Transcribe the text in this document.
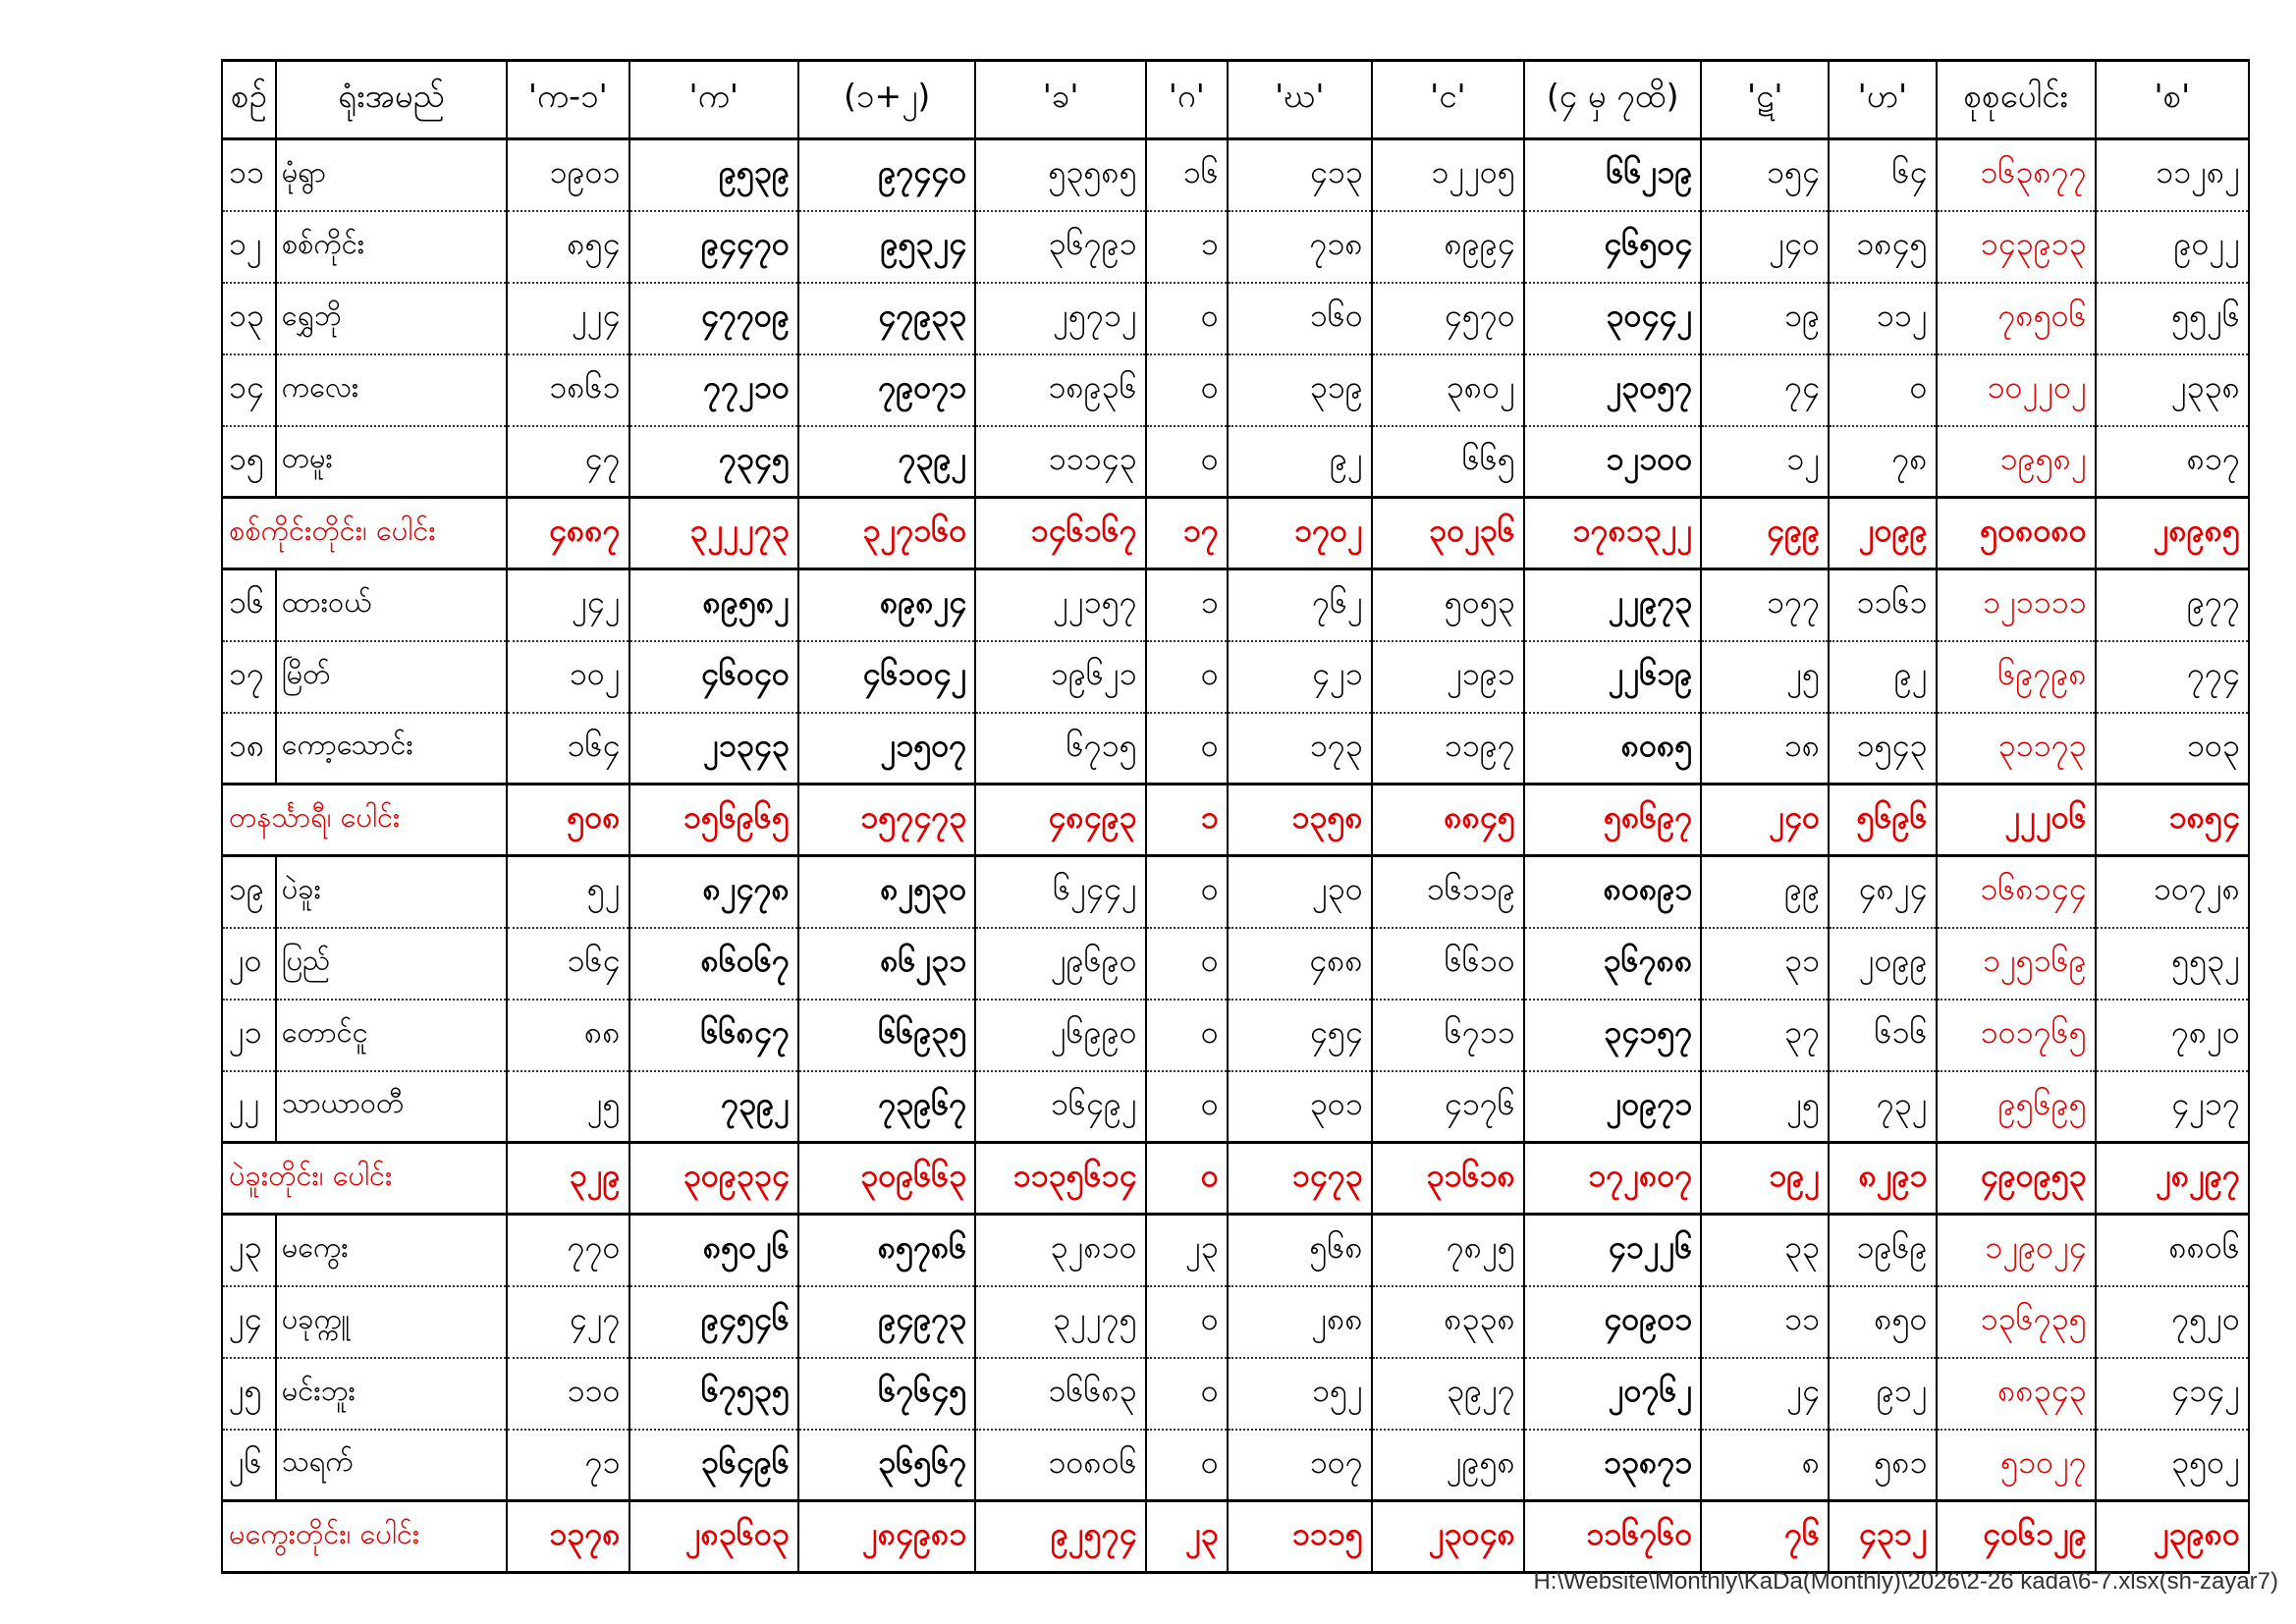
စဉ်	ရုံးအမည်	'က-၁'	'က'	(၁+၂)	'ခ'	'ဂ'	'ဃ'	'င'	(၄ မှ ၇ထိ)	'ဋ'	'ဟ'	စုစုပေါင်း	'စ'
၁၁	မုံရွာ	၁၉၀၁	၉၅၃၉	၉၇၄၄၀	၅၃၅၈၅	၁၆	၄၁၃	၁၂၂၀၅	၆၆၂၁၉	၁၅၄	၆၄	၁၆၃၈၇၇	၁၁၂၈၂
၁၂	စစ်ကိုင်း	၈၅၄	၉၄၄၇၀	၉၅၃၂၄	၃၆၇၉၁	၁	၇၁၈	၈၉၉၄	၄၆၅၀၄	၂၄၀	၁၈၄၅	၁၄၃၉၁၃	၉၀၂၂
၁၃	ရွှေဘို	၂၂၄	၄၇၇၀၉	၄၇၉၃၃	၂၅၇၁၂	၀	၁၆၀	၄၅၇၀	၃၀၄၄၂	၁၉	၁၁၂	၇၈၅၀၆	၅၅၂၆
၁၄	ကလေး	၁၈၆၁	၇၇၂၁၀	၇၉၀၇၁	၁၈၉၃၆	၀	၃၁၉	၃၈၀၂	၂၃၀၅၇	၇၄	၀	၁၀၂၂၀၂	၂၃၃၈
၁၅	တမူး	၄၇	၇၃၄၅	၇၃၉၂	၁၁၁၄၃	၀	၉၂	၆၆၅	၁၂၁၀၀	၁၂	၇၈	၁၉၅၈၂	၈၁၇
စစ်ကိုင်းတိုင်း၊ ပေါင်း		၄၈၈၇	၃၂၂၂၇၃	၃၂၇၁၆၀	၁၄၆၁၆၇	၁၇	၁၇၀၂	၃၀၂၃၆	၁၇၈၁၃၂၂	၄၉၉	၂၀၉၉	၅၀၈၀၈၀	၂၈၉၈၅
၁၆	ထားဝယ်	၂၄၂	၈၉၅၈၂	၈၉၈၂၄	၂၂၁၅၇	၁	၇၆၂	၅၀၅၃	၂၂၉၇၃	၁၇၇	၁၁၆၁	၁၂၁၁၁၁	၉၇၇
၁၇	မြိတ်	၁၀၂	၄၆၀၄၀	၄၆၁၀၄၂	၁၉၆၂၁	၀	၄၂၁	၂၁၉၁	၂၂၆၁၉	၂၅	၉၂	၆၉၇၉၈	၇၇၄
၁၈	ကော့သောင်း	၁၆၄	၂၁၃၄၃	၂၁၅၀၇	၆၇၁၅	၀	၁၇၃	၁၁၉၇	၈၀၈၅	၁၈	၁၅၄၃	၃၁၁၇၃	၁၀၃
တနင်္သာရီ၊ ပေါင်း		၅၀၈	၁၅၆၉၆၅	၁၅၇၄၇၃	၄၈၄၉၃	၁	၁၃၅၈	၈၈၄၅	၅၈၆၉၇	၂၄၀	၅၆၉၆	၂၂၂၀၆	၁၈၅၄
၁၉	ပဲခူး	၅၂	၈၂၄၇၈	၈၂၅၃၀	၆၂၄၄၂	၀	၂၃၀	၁၆၁၁၉	၈၀၈၉၁	၉၉	၄၈၂၄	၁၆၈၁၄၄	၁၀၇၂၈
၂၀	ပြည်	၁၆၄	၈၆၀၆၇	၈၆၂၃၁	၂၉၆၉၀	၀	၄၈၈	၆၆၁၀	၃၆၇၈၈	၃၁	၂၀၉၉	၁၂၅၁၆၉	၅၅၃၂
၂၁	တောင်ငူ	၈၈	၆၆၈၄၇	၆၆၉၃၅	၂၆၉၉၀	၀	၄၅၄	၆၇၁၁	၃၄၁၅၇	၃၇	၆၁၆	၁၀၁၇၆၅	၇၈၂၀
၂၂	သာယာဝတီ	၂၅	၇၃၉၂	၇၃၉၆၇	၁၆၄၉၂	၀	၃၀၁	၄၁၇၆	၂၀၉၇၁	၂၅	၇၃၂	၉၅၆၉၅	၄၂၁၇
ပဲခူးတိုင်း၊ ပေါင်း		၃၂၉	၃၀၉၃၃၄	၃၀၉၆၆၃	၁၁၃၅၆၁၄	၀	၁၄၇၃	၃၁၆၁၈	၁၇၂၈၀၇	၁၉၂	၈၂၉၁	၄၉၀၉၅၃	၂၈၂၉၇
၂၃	မကွေး	၇၇၀	၈၅၀၂၆	၈၅၇၈၆	၃၂၈၁၀	၂၃	၅၆၈	၇၈၂၅	၄၁၂၂၆	၃၃	၁၉၆၉	၁၂၉၀၂၄	၈၈၀၆
၂၄	ပခုက္ကူ	၄၂၇	၉၄၅၄၆	၉၄၉၇၃	၃၂၂၇၅	၀	၂၈၈	၈၃၃၈	၄၀၉၀၁	၁၁	၈၅၀	၁၃၆၇၃၅	၇၅၂၀
၂၅	မင်းဘူး	၁၁၀	၆၇၅၃၅	၆၇၆၄၅	၁၆၆၈၃	၀	၁၅၂	၃၉၂၇	၂၀၇၆၂	၂၄	၉၁၂	၈၈၃၄၃	၄၁၄၂
၂၆	သရက်	၇၁	၃၆၄၉၆	၃၆၅၆၇	၁၀၈၀၆	၀	၁၀၇	၂၉၅၈	၁၃၈၇၁	၈	၅၈၁	၅၁၀၂၇	၃၅၀၂
မကွေးတိုင်း၊ ပေါင်း		၁၃၇၈	၂၈၃၆၀၃	၂၈၄၉၈၁	၉၂၅၇၄	၂၃	၁၁၁၅	၂၃၀၄၈	၁၁၆၇၆၀	၇၆	၄၃၁၂	၄၀၆၁၂၉	၂၃၉၈၀
H:\Website\Monthly\KaDa(Monthly)\2026\2-26 kada\6-7.xlsx(sh-zayar7)
